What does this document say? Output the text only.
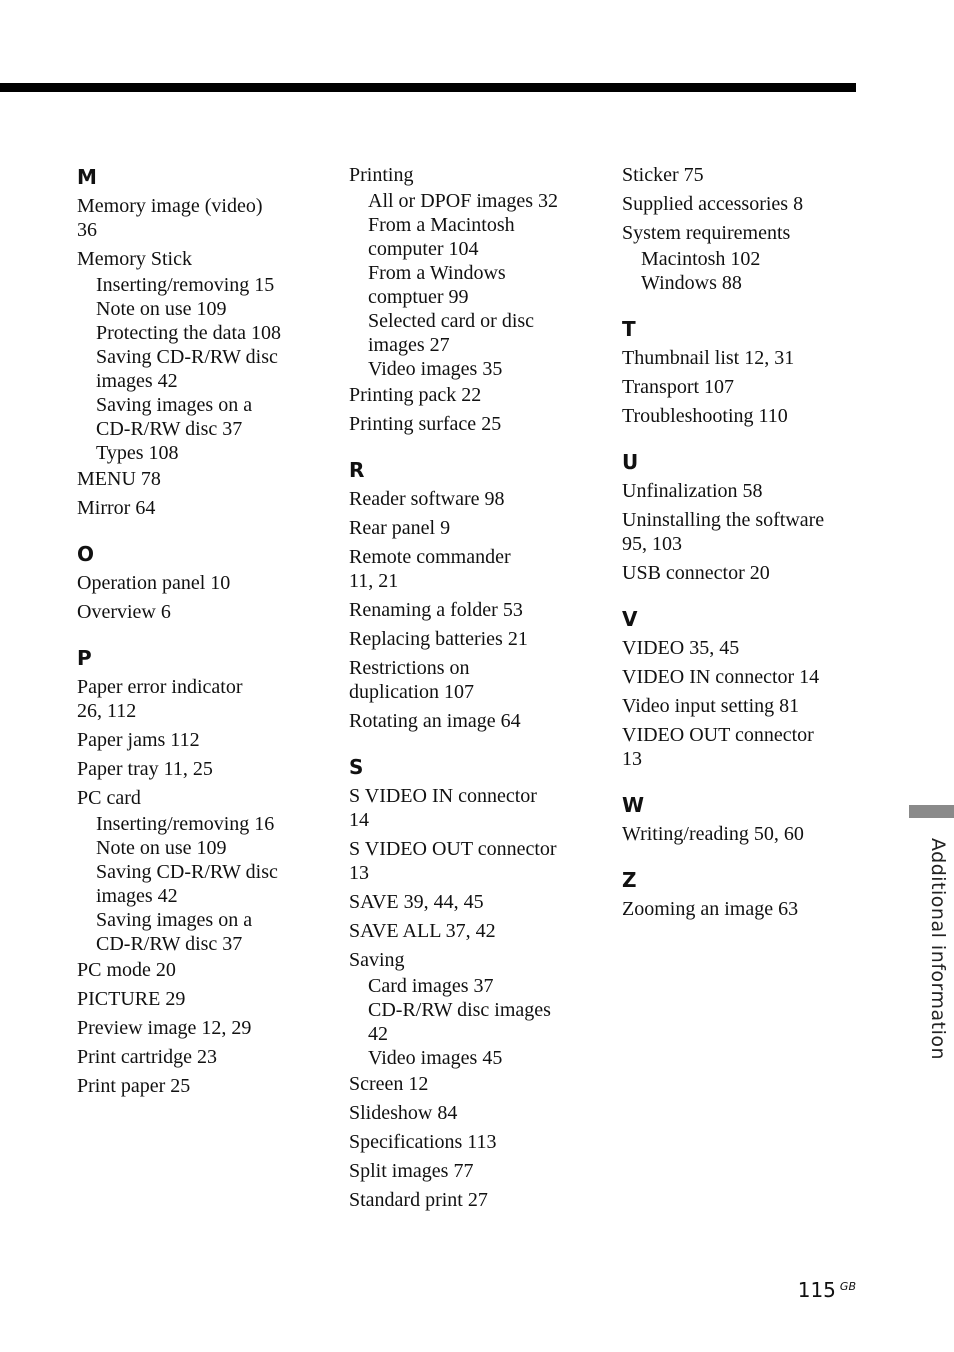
M
Memory image (video)
36
Memory Stick
Inserting/removing 15
Note on use 109
Protecting the data 108
Saving CD-R/RW disc
images 42
Saving images on a
CD-R/RW disc 37
Types 108
MENU 78
Mirror 64
O
Operation panel 10
Overview 6
P
Paper error indicator
26, 112
Paper jams 112
Paper tray 11, 25
PC card
Inserting/removing 16
Note on use 109
Saving CD-R/RW disc
images 42
Saving images on a
CD-R/RW disc 37
PC mode 20
PICTURE 29
Preview image 12, 29
Print cartridge 23
Print paper 25
Printing
All or DPOF images 32
From a Macintosh
computer 104
From a Windows
comptuer 99
Selected card or disc
images 27
Video images 35
Printing pack 22
Printing surface 25
R
Reader software 98
Rear panel 9
Remote commander
11, 21
Renaming a folder 53
Replacing batteries 21
Restrictions on
duplication 107
Rotating an image 64
S
S VIDEO IN connector
14
S VIDEO OUT connector
13
SAVE 39, 44, 45
SAVE ALL 37, 42
Saving
Card images 37
CD-R/RW disc images
42
Video images 45
Screen 12
Slideshow 84
Specifications 113
Split images 77
Standard print 27
Sticker 75
Supplied accessories 8
System requirements
Macintosh 102
Windows 88
T
Thumbnail list 12, 31
Transport 107
Troubleshooting 110
U
Unfinalization 58
Uninstalling the software
95, 103
USB connector 20
V
VIDEO 35, 45
VIDEO IN connector 14
Video input setting 81
VIDEO OUT connector
13
W
Writing/reading 50, 60
Z
Zooming an image 63	Additional information
115 $^{GB}$
